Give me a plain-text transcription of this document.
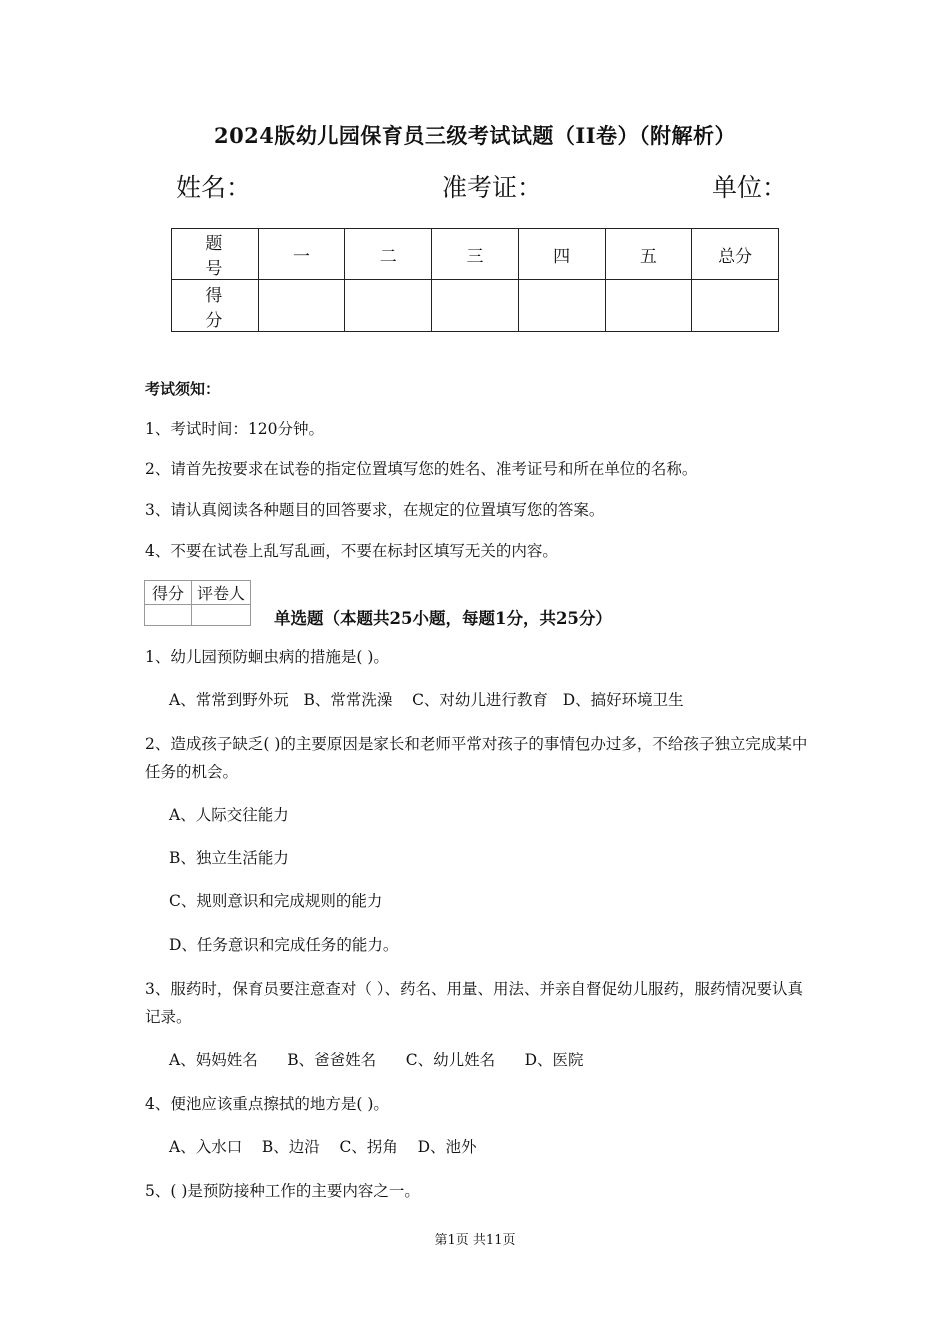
2024版幼儿园保育员三级考试试题（II卷）（附解析）
姓名：	准考证：	单位：
题 号	一	二	三	四	五	总分
得 分						
考试须知：
1、考试时间：120分钟。
2、请首先按要求在试卷的指定位置填写您的姓名、准考证号和所在单位的名称。
3、请认真阅读各种题目的回答要求，在规定的位置填写您的答案。
4、不要在试卷上乱写乱画，不要在标封区填写无关的内容。
得分	评卷人

单选题（本题共25小题，每题1分，共25分）
1、幼儿园预防蛔虫病的措施是( )。
A、常常到野外玩   B、常常洗澡    C、对幼儿进行教育   D、搞好环境卫生
2、造成孩子缺乏( )的主要原因是家长和老师平常对孩子的事情包办过多，不给孩子独立完成某中任务的机会。
A、人际交往能力
B、独立生活能力
C、规则意识和完成规则的能力
D、任务意识和完成任务的能力。
3、服药时，保育员要注意查对（ ）、药名、用量、用法、并亲自督促幼儿服药，服药情况要认真记录。
A、妈妈姓名      B、爸爸姓名      C、幼儿姓名      D、医院
4、便池应该重点擦拭的地方是( )。
A、入水口    B、边沿    C、拐角    D、池外
5、( )是预防接种工作的主要内容之一。
第1页 共11页
